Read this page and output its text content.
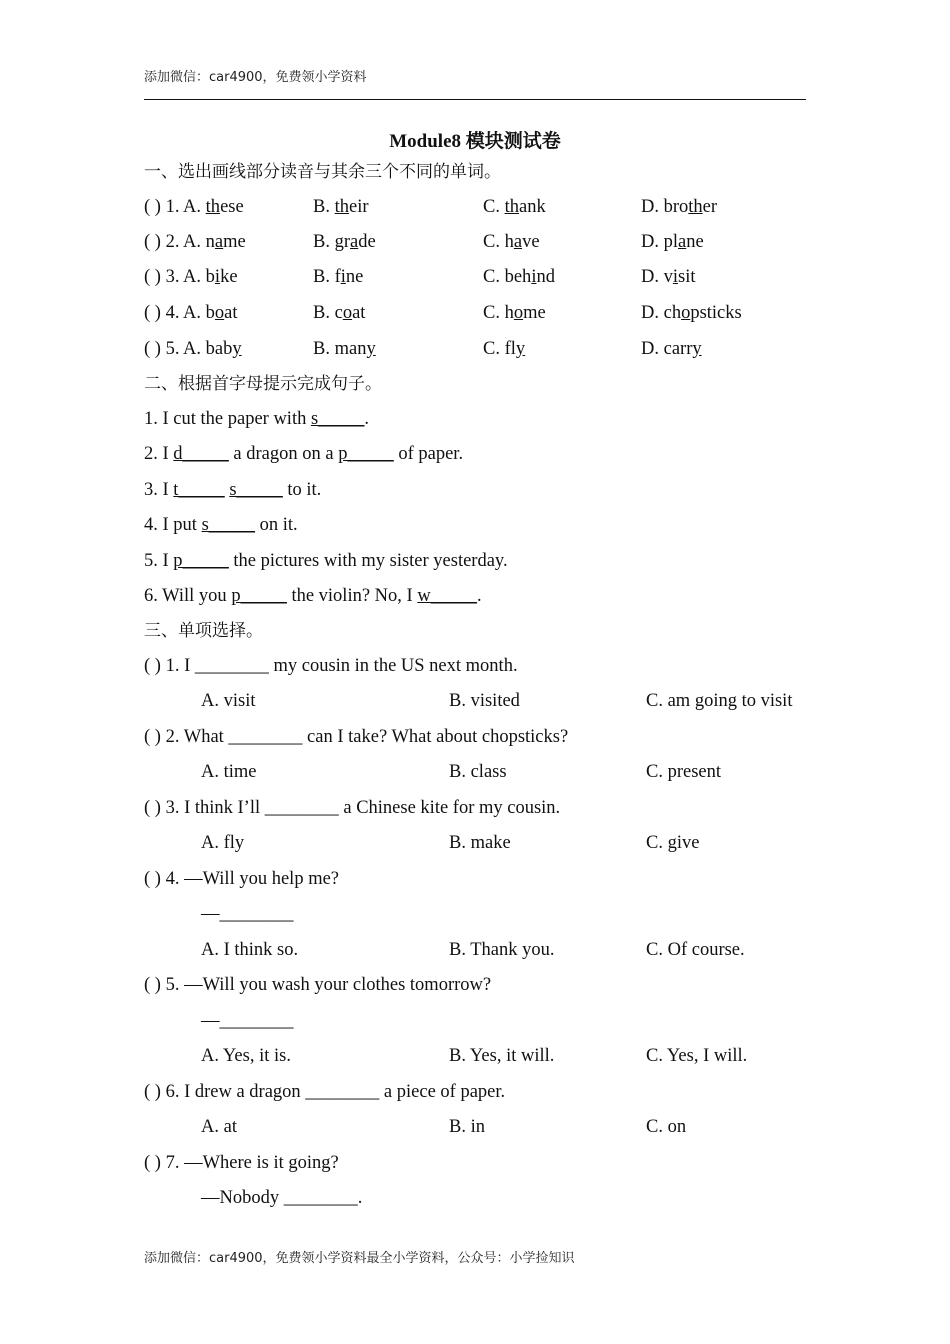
添加微信：car4900，免费领小学资料
Module8 模块测试卷
一、选出画线部分读音与其余三个不同的单词。
( ) 1. A. these	B. their	C. thank	D. brother
( ) 2. A. name	B. grade	C. have	D. plane
( ) 3. A. bike	B. fine	C. behind	D. visit
( ) 4. A. boat	B. coat	C. home	D. chopsticks
( ) 5. A. baby	B. many	C. fly	D. carry
二、根据首字母提示完成句子。
1. I cut the paper with s_____.
2. I d_____ a dragon on a p_____ of paper.
3. I t_____ s_____ to it.
4. I put s_____ on it.
5. I p_____ the pictures with my sister yesterday.
6. Will you p_____ the violin? No, I w_____.
三、单项选择。
( ) 1. I ________ my cousin in the US next month.
A. visit	B. visited	C. am going to visit
( ) 2. What ________ can I take? What about chopsticks?
A. time	B. class	C. present
( ) 3. I think I’ll ________ a Chinese kite for my cousin.
A. fly	B. make	C. give
( ) 4. —Will you help me?
—________
A. I think so.	B. Thank you.	C. Of course.
( ) 5. —Will you wash your clothes tomorrow?
—________
A. Yes, it is.	B. Yes, it will.	C. Yes, I will.
( ) 6. I drew a dragon ________ a piece of paper.
A. at	B. in	C. on
( ) 7. —Where is it going?
—Nobody ________.
添加微信：car4900，免费领小学资料最全小学资料，公众号：小学捡知识
